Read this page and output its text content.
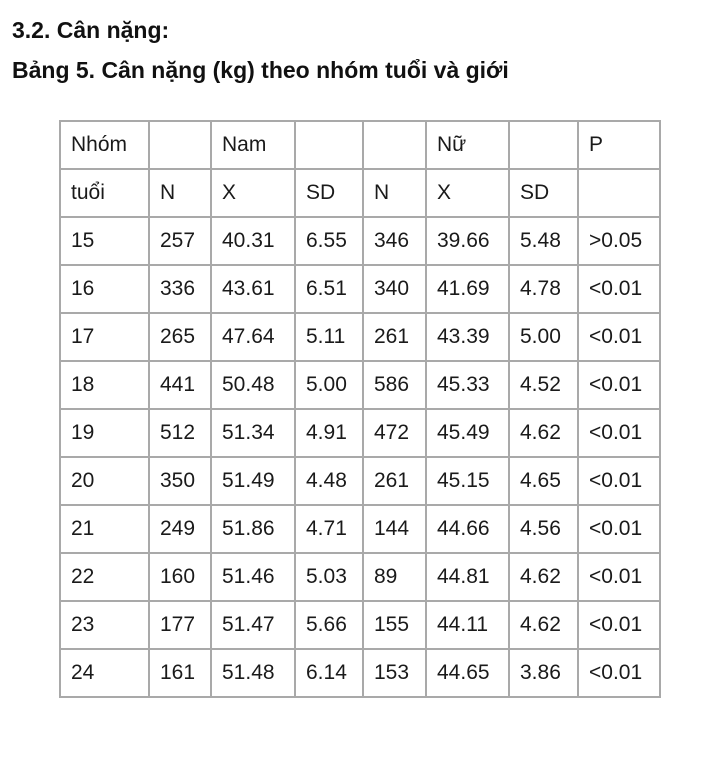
3.2. Cân nặng:
Bảng 5. Cân nặng (kg) theo nhóm tuổi và giới
Nhóm		Nam			Nữ		P
tuổi	N	X	SD	N	X	SD	
15	257	40.31	6.55	346	39.66	5.48	>0.05
16	336	43.61	6.51	340	41.69	4.78	<0.01
17	265	47.64	5.11	261	43.39	5.00	<0.01
18	441	50.48	5.00	586	45.33	4.52	<0.01
19	512	51.34	4.91	472	45.49	4.62	<0.01
20	350	51.49	4.48	261	45.15	4.65	<0.01
21	249	51.86	4.71	144	44.66	4.56	<0.01
22	160	51.46	5.03	89	44.81	4.62	<0.01
23	177	51.47	5.66	155	44.11	4.62	<0.01
24	161	51.48	6.14	153	44.65	3.86	<0.01
